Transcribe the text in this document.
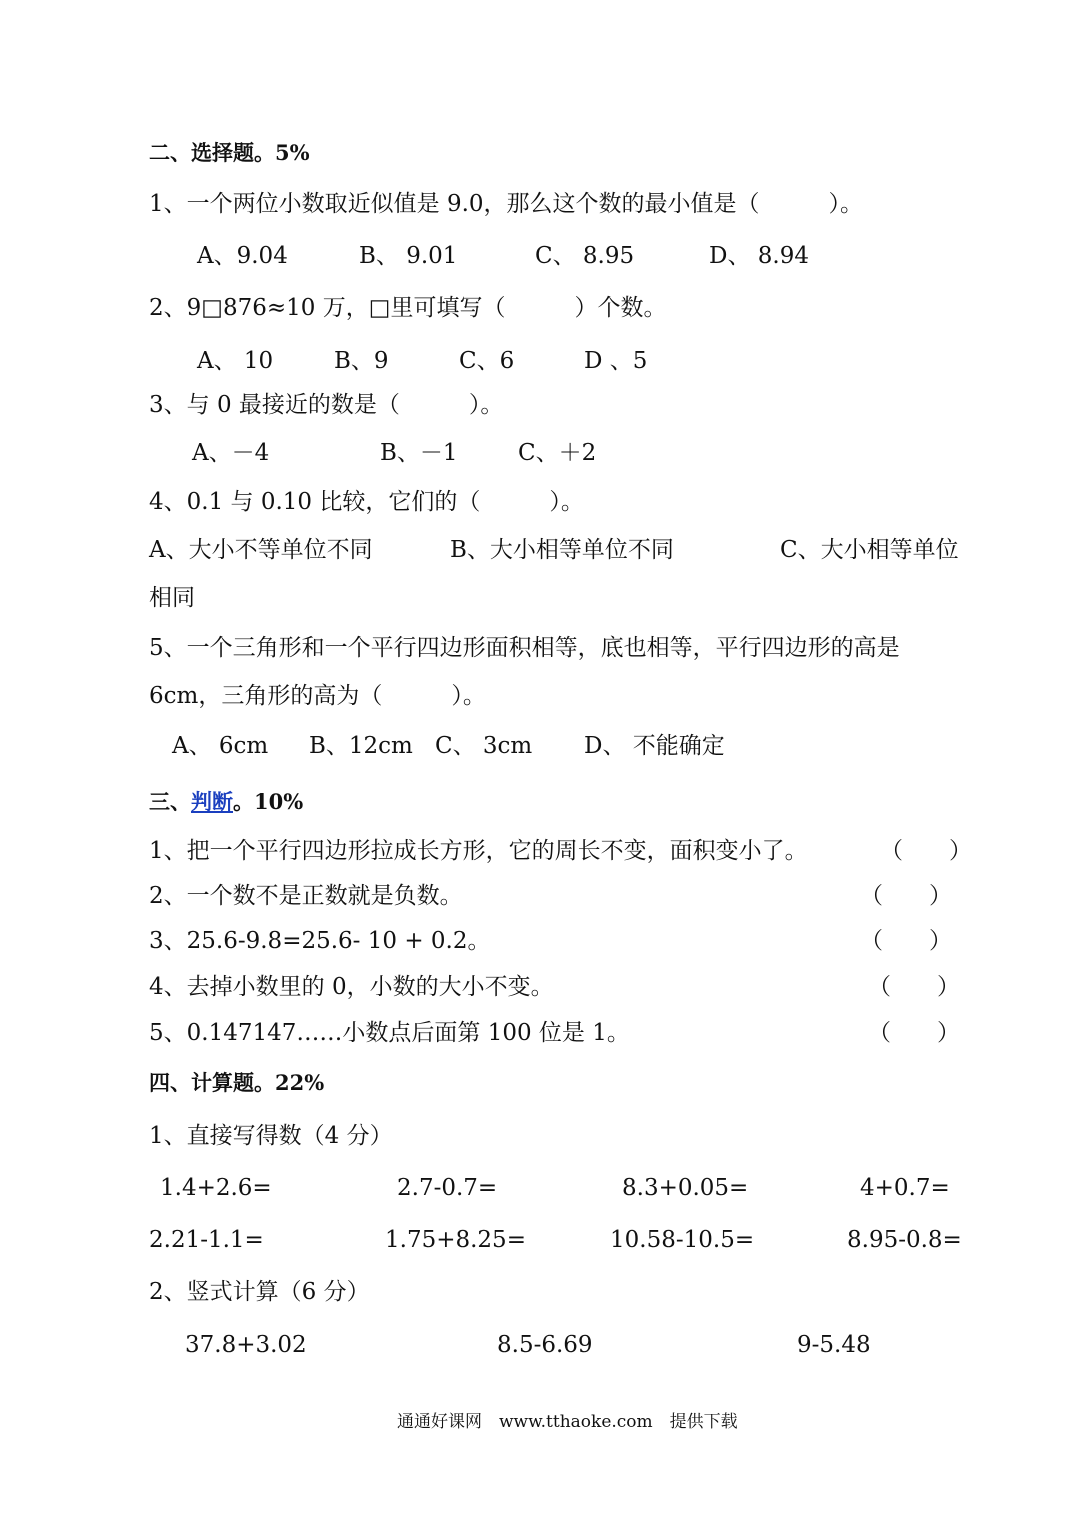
二、选择题。5%
1、一个两位小数取近似值是 9.0，那么这个数的最小值是（　　　）。
A、9.04	B、 9.01	C、 8.95	D、 8.94
2、9□876≈10 万，□里可填写（　　　）个数。
A、 10	B、9	C、6	D 、5
3、与 0 最接近的数是（　　　）。
A、－4	B、－1	C、＋2
4、0.1 与 0.10 比较，它们的（　　　）。
A、大小不等单位不同	B、大小相等单位不同	C、大小相等单位
相同
5、一个三角形和一个平行四边形面积相等，底也相等，平行四边形的高是
6cm，三角形的高为（　　　）。
A、 6cm B、12cm C、 3cm D、 不能确定
三、判断。10%
1、把一个平行四边形拉成长方形，它的周长不变，面积变小了。	（　　）
2、一个数不是正数就是负数。	（　　）
3、25.6-9.8=25.6- 10 + 0.2。	（　　）
4、去掉小数里的 0，小数的大小不变。	（　　）
5、0.147147……小数点后面第 100 位是 1。	（　　）
四、计算题。22%
1、直接写得数（4 分）
1.4+2.6=	2.7-0.7=	8.3+0.05=	4+0.7=
2.21-1.1=	1.75+8.25=	10.58-10.5=	8.95-0.8=
2、竖式计算（6 分）
37.8+3.02	8.5-6.69	9-5.48
通通好课网　www.tthaoke.com　提供下载
